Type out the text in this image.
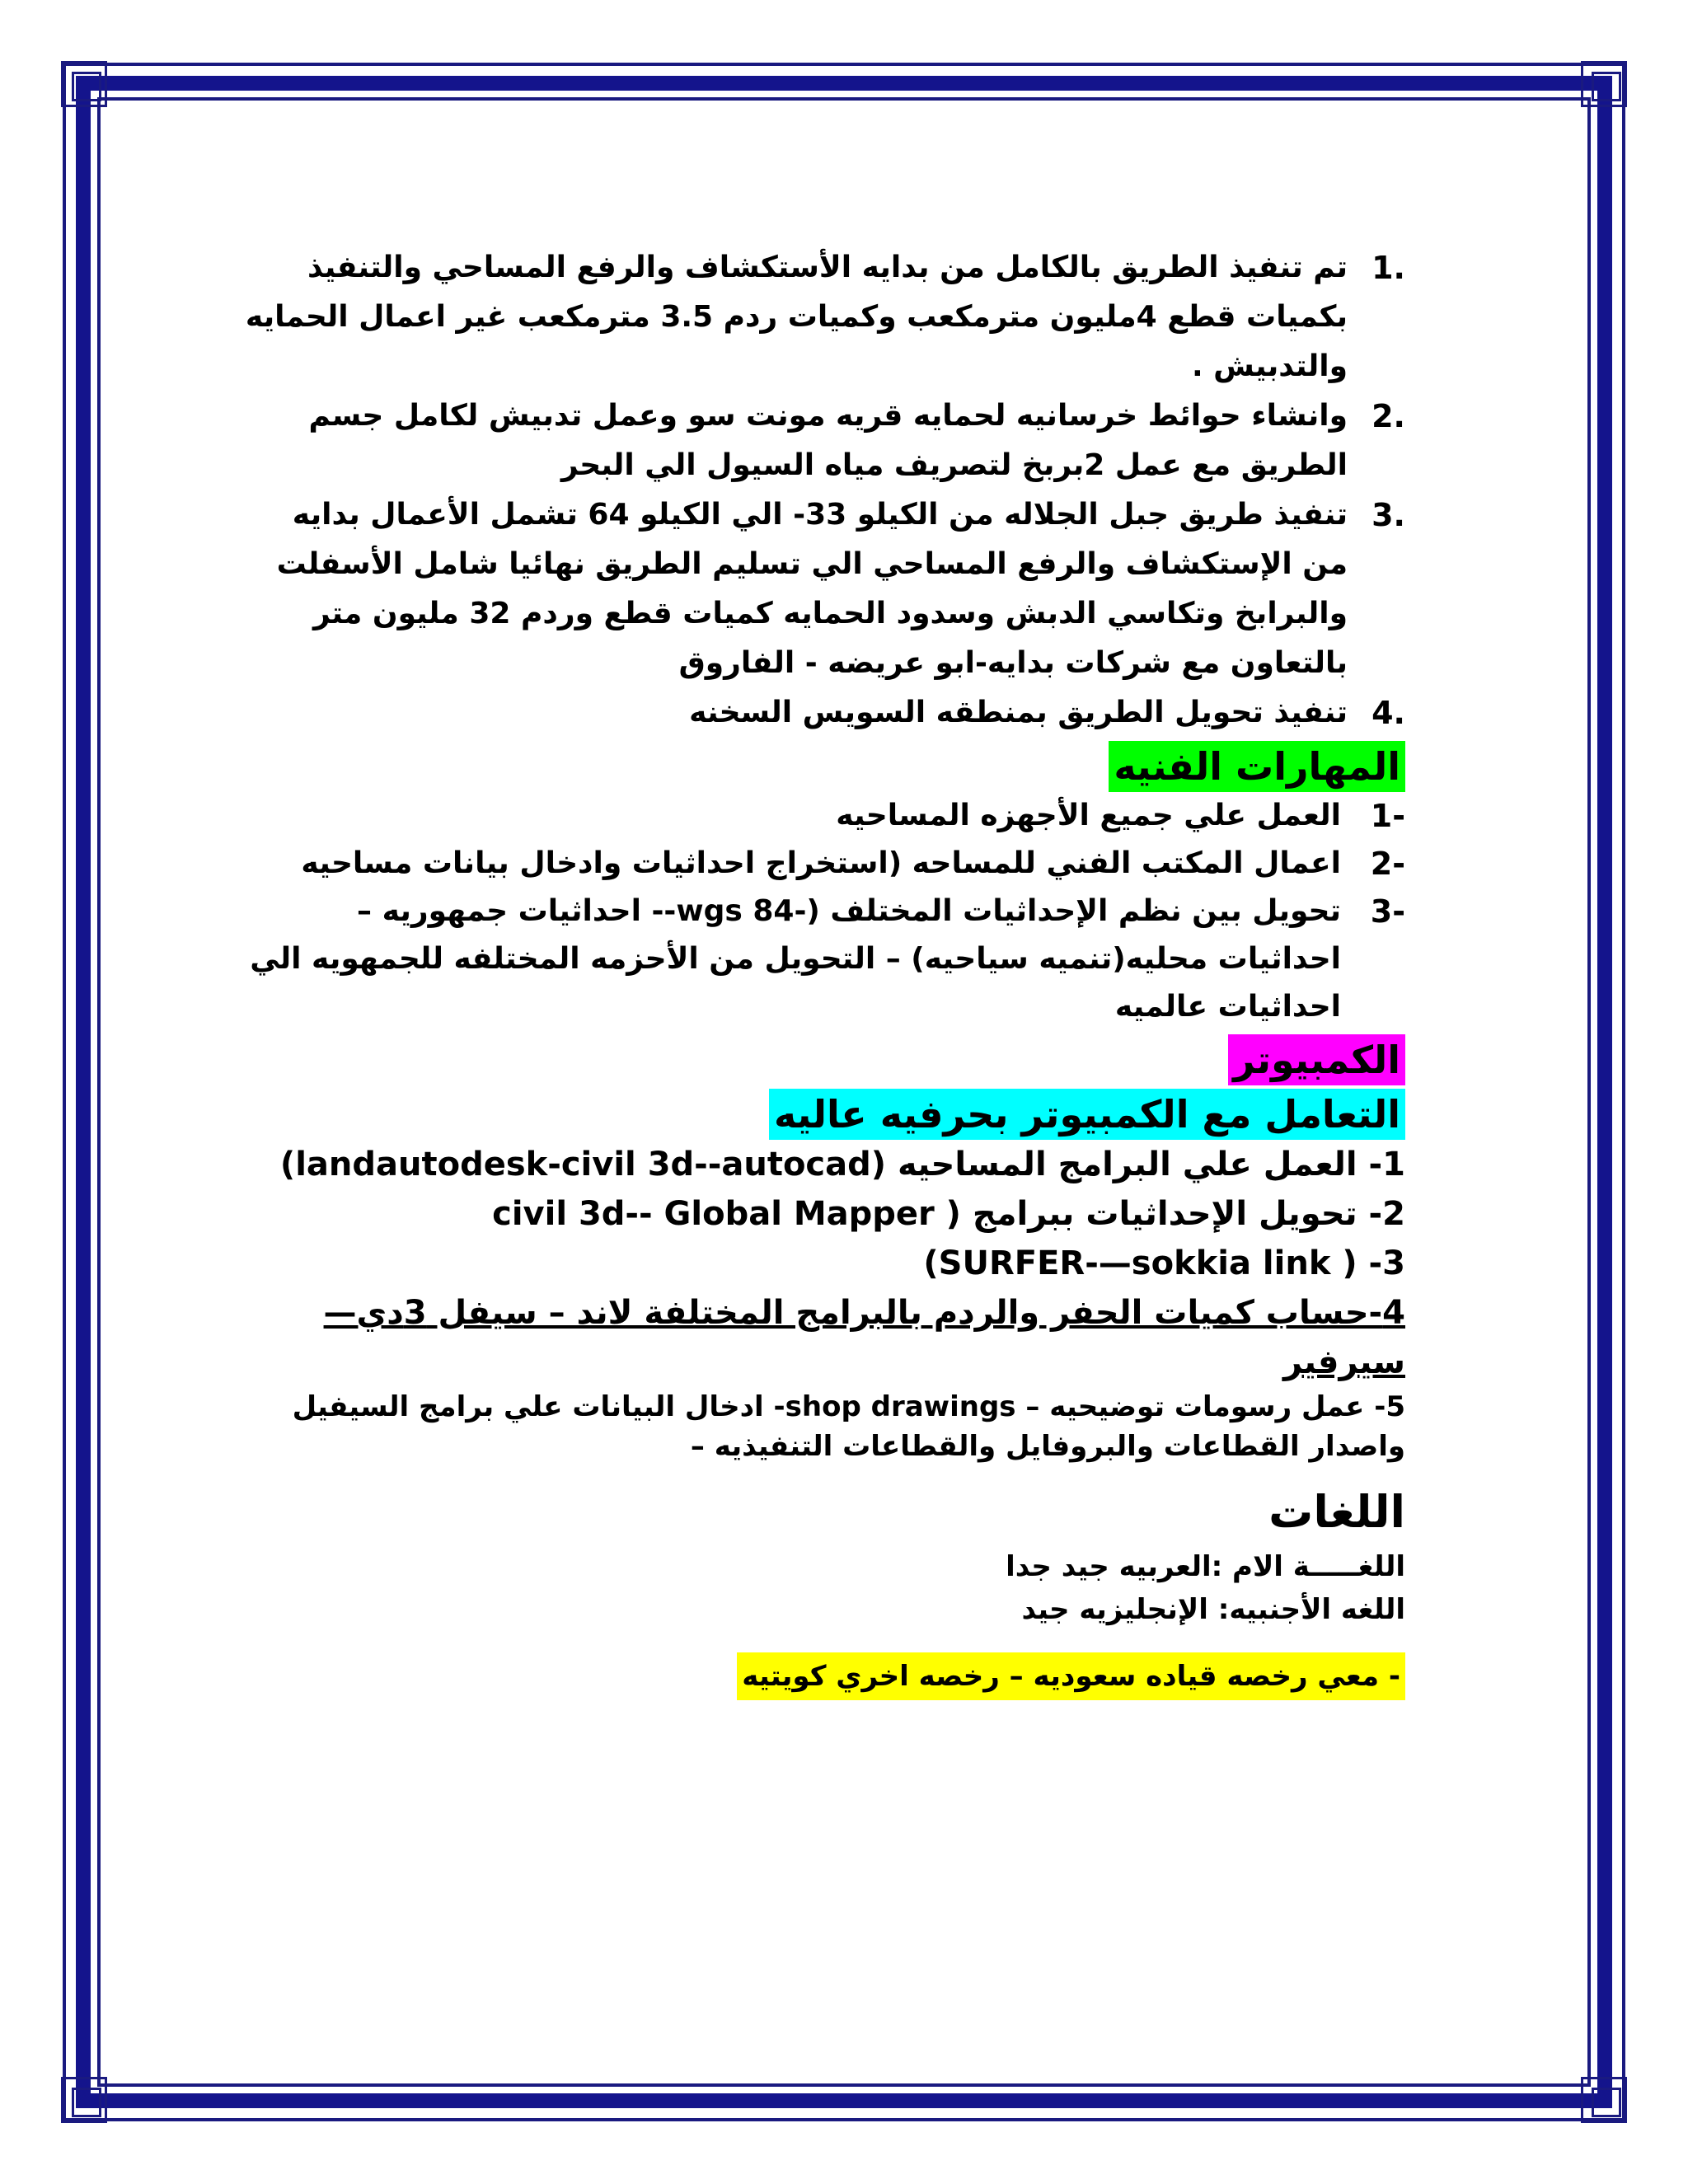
1.
تم تنفيذ الطريق بالكامل من بدايه الأستكشاف والرفع المساحي والتنفيذ بكميات قطع 4مليون مترمكعب وكميات ردم 3.5 مترمكعب غير اعمال الحمايه والتدبيش .
2.
وانشاء حوائط خرسانيه لحمايه قريه مونت سو وعمل تدبيش لكامل جسم الطريق مع عمل 2بربخ لتصريف مياه السيول الي البحر
3.
تنفيذ طريق جبل الجلاله من الكيلو 33- الي الكيلو 64 تشمل الأعمال بدايه من الإستكشاف والرفع المساحي الي تسليم الطريق نهائيا شامل الأسفلت والبرابخ وتكاسي الدبش وسدود الحمايه كميات قطع وردم 32 مليون متر بالتعاون مع شركات بدايه-ابو عريضه - الفاروق
4.
تنفيذ تحويل الطريق بمنطقه السويس السخنه
المهارات الفنيه
1-
العمل علي جميع الأجهزه المساحيه
2-
اعمال المكتب الفني للمساحه (استخراج احداثيات وادخال بيانات مساحيه
3-
تحويل بين نظم الإحداثيات المختلف (-84 wgs-- احداثيات جمهوريه – احداثيات محليه(تنميه سياحيه) – التحويل من الأحزمه المختلفه للجمهويه الي احداثيات عالميه
الكمبيوتر
التعامل مع الكمبيوتر بحرفيه عاليه
1- العمل علي البرامج المساحيه (landautodesk-civil 3d--autocad)
2- تحويل الإحداثيات ببرامج ( civil 3d-- Global Mapper
3- ( SURFER-—sokkia link)
4-حساب كميات الحفر والردم بالبرامج المختلفة لاند – سيفل 3دي—سيرفير
5- عمل رسومات توضيحيه – shop drawings- ادخال البيانات علي برامج السيفيل واصدار القطاعات والبروفايل والقطاعات التنفيذيه –
اللغات
اللغـــــة الام :العربيه جيد جدا
اللغه الأجنبيه: الإنجليزيه جيد
- معي رخصه قياده سعوديه – رخصه اخري كويتيه
